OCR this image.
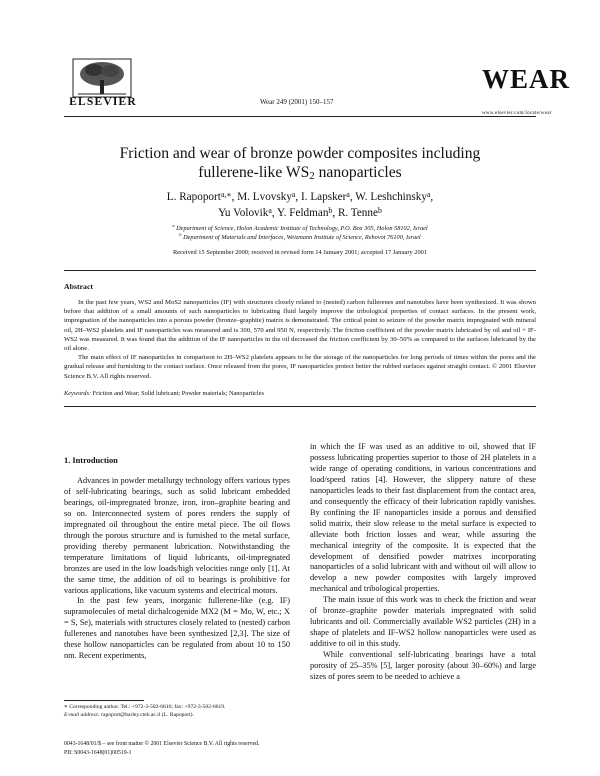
ELSEVIER	Wear 249 (2001) 150–157
WEAR
www.elsevier.com/locate/wear
Friction and wear of bronze powder composites including
fullerene-like $WS_2$ nanoparticles
L. Rapoport$^{a,∗}$, M. Lvovsky$^a$, I. Lapsker$^a$, W. Leshchinsky$^a$,
Yu Volovik$^a$, Y. Feldman$^b$, R. Tenne$^b$
$^a$ Department of Science, Holon Academic Institute of Technology, P.O. Box 305, Holon 58102, Israel
$^b$ Department of Materials and Interfaces, Weizmann Institute of Science, Rehovot 76100, Israel
Received 15 September 2000; received in revised form 14 January 2001; accepted 17 January 2001
Abstract

In the past few years, WS2 and MoS2 nanoparticles (IF) with structures closely related to (nested) carbon fullerenes and nanotubes have been synthesized. It was shown before that addition of a small amounts of such nanoparticles to lubricating fluid largely improve the tribological properties of contact surfaces. In the present work, impregnation of the nanoparticles into a porous powder (bronze–graphite) matrix is demonstrated. The critical point to seizure of the powder matrix impregnated with mineral oil, 2H–WS2 platelets and IF nanoparticles was measured and is 300, 570 and 950 N, respectively. The friction coefficient of the powder matrix lubricated by oil and oil + IF-WS2 was measured. It was found that the addition of the IF nanoparticles in the oil decreased the friction coefficient by 30–50% as compared to the surfaces lubricated by the oil alone.

The main effect of IF nanoparticles in comparison to 2H–WS2 platelets appears to be the storage of the nanoparticles for long periods of times within the pores and the gradual release and furnishing to the contact surface. Once released from the pores, IF nanoparticles protect better the rubbed surfaces against straight contact. © 2001 Elsevier Science B.V. All rights reserved.

Keywords: Friction and Wear; Solid lubricant; Powder materials; Nanoparticles
1. Introduction

Advances in powder metallurgy technology offers various types of self-lubricating bearings, such as solid lubricant embedded bearings, oil-impregnated bronze, iron, iron–graphite bearing and so on. Interconnected system of pores renders the supply of impregnated oil throughout the entire metal piece. The oil flows through the porous structure and is furnished to the metal surface, providing thereby permanent lubrication. Notwithstanding the temperature limitations of liquid lubricants, oil-impregnated bronzes are used in the low loads/high velocities range only [1]. At the same time, the addition of oil to bearings is prohibitive for various applications, like vacuum systems and electrical motors.

In the past few years, inorganic fullerene-like (e.g. IF) supramolecules of metal dichalcogenide MX2 (M = Mo, W, etc.; X = S, Se), materials with structures closely related to (nested) carbon fullerenes and nanotubes have been synthesized [2,3]. The size of these hollow nanoparticles can be regulated from about 10 to 150 nm. Recent experiments,

in which the IF was used as an additive to oil, showed that IF possess lubricating properties superior to those of 2H platelets in a wide range of operating conditions, in various concentrations and load/speed ratios [4]. However, the slippery nature of these nanoparticles leads to their fast displacement from the contact area, and consequently the efficacy of their lubrication rapidly vanishes. By confining the IF nanoparticles inside a porous and densified solid matrix, their slow release to the metal surface is expected to alleviate both friction losses and wear, while assuring the mechanical integrity of the composite. It is expected that the development of densified powder matrixes incorporating nanoparticles of a solid lubricant with and without oil will allow to develop a new powder composites with largely improved mechanical and tribological properties.

The main issue of this work was to check the friction and wear of bronze–graphite powder materials impregnated with solid lubricants and oil. Commercially available WS2 particles (2H) in a shape of platelets and IF-WS2 hollow nanoparticles were used as additive to oil in this study.

While conventional self-lubricating bearings have a total porosity of 25–35% [5], larger porosity (about 30–60%) and large sizes of pores seem to be needed to achieve a

∗ Corresponding author. Tel.: +972-3-502-6616; fax: +972-3-502-6619.
E-mail address: rapoport@barley.cteh.ac.il (L. Rapoport).
0043-1648/01/$ – see front matter © 2001 Elsevier Science B.V. All rights reserved.
PII: S0043-1648(01)00519-1
